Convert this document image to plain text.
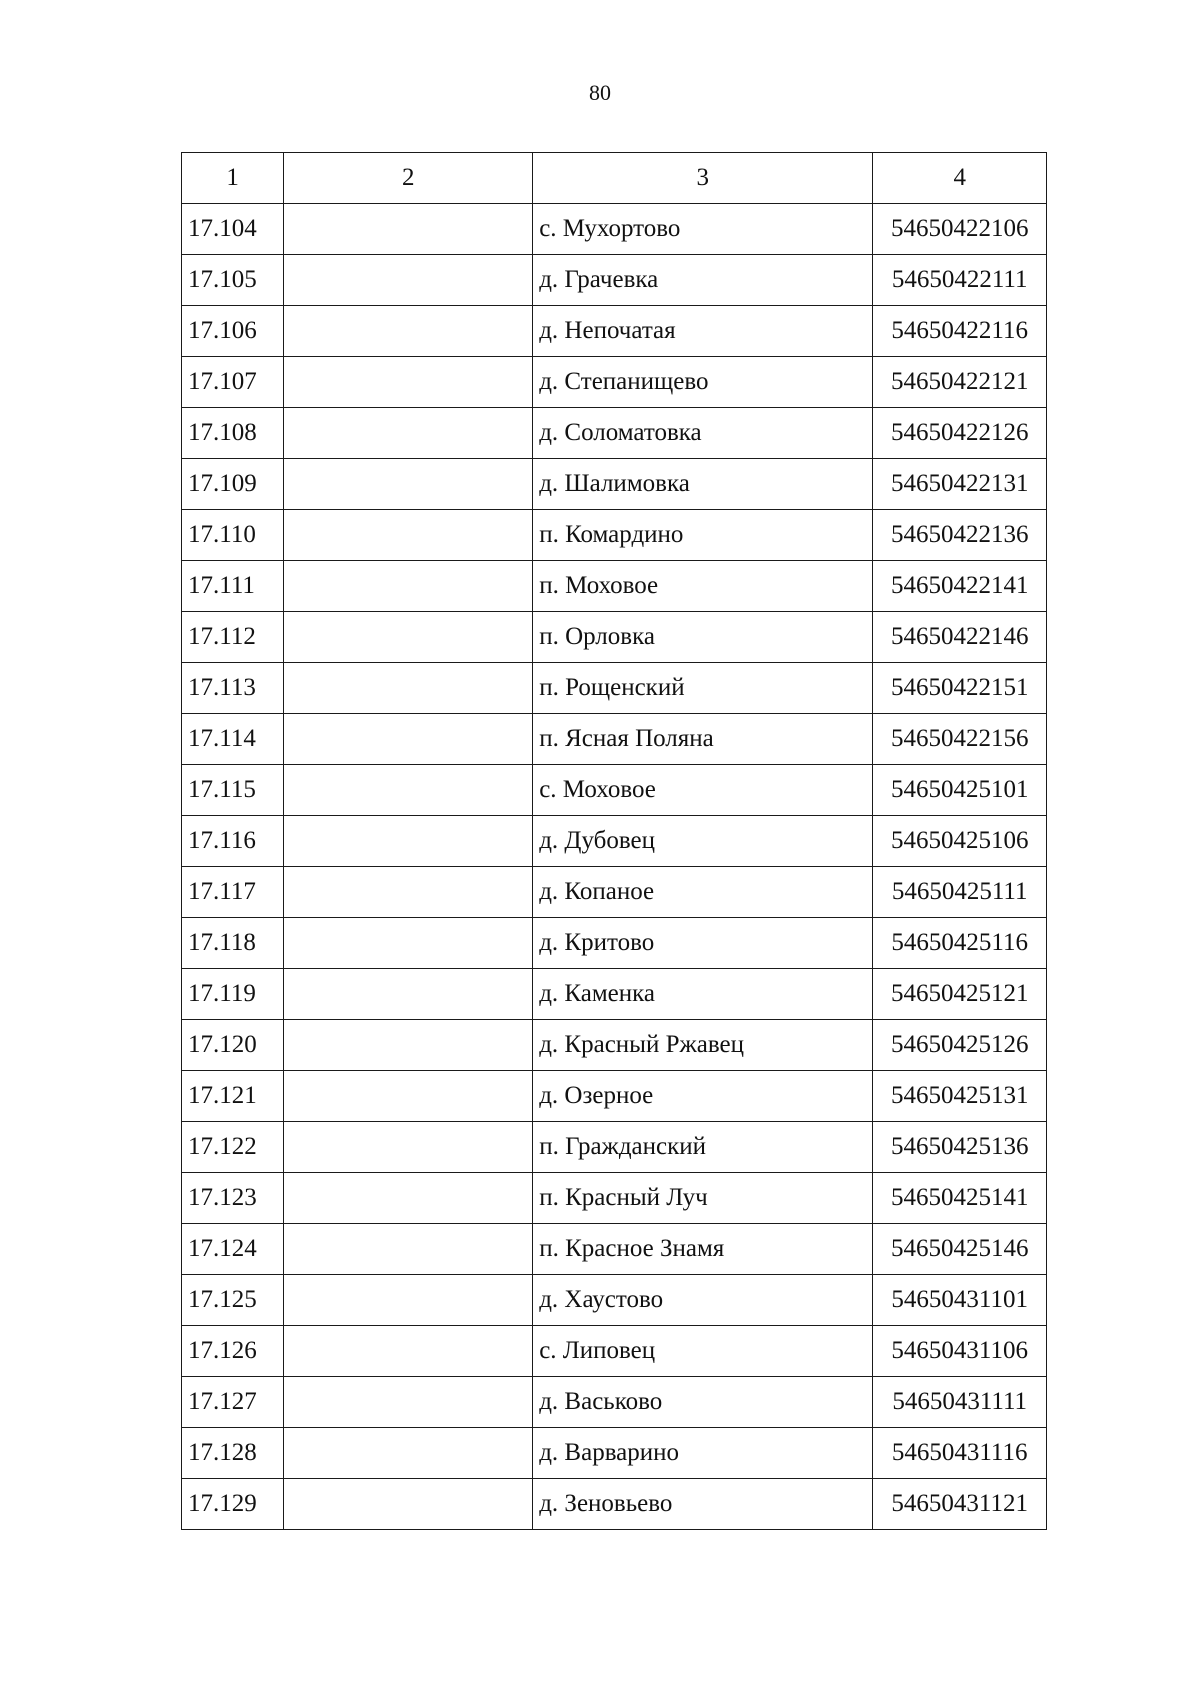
80
1	2	3	4
17.104		с. Мухортово	54650422106
17.105		д. Грачевка	54650422111
17.106		д. Непочатая	54650422116
17.107		д. Степанищево	54650422121
17.108		д. Соломатовка	54650422126
17.109		д. Шалимовка	54650422131
17.110		п. Комардино	54650422136
17.111		п. Моховое	54650422141
17.112		п. Орловка	54650422146
17.113		п. Рощенский	54650422151
17.114		п. Ясная Поляна	54650422156
17.115		с. Моховое	54650425101
17.116		д. Дубовец	54650425106
17.117		д. Копаное	54650425111
17.118		д. Критово	54650425116
17.119		д. Каменка	54650425121
17.120		д. Красный Ржавец	54650425126
17.121		д. Озерное	54650425131
17.122		п. Гражданский	54650425136
17.123		п. Красный Луч	54650425141
17.124		п. Красное Знамя	54650425146
17.125		д. Хаустово	54650431101
17.126		с. Липовец	54650431106
17.127		д. Васьково	54650431111
17.128		д. Варварино	54650431116
17.129		д. Зеновьево	54650431121
